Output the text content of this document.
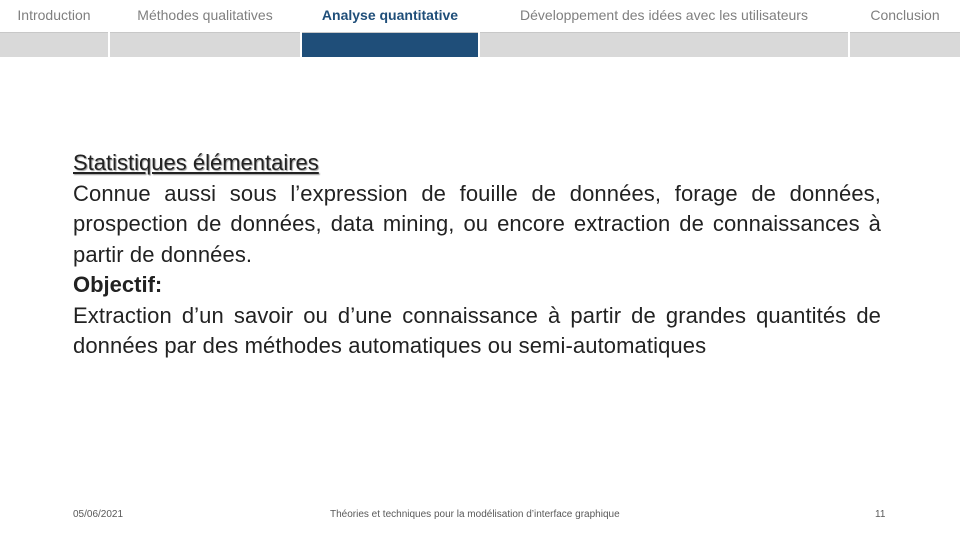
Introduction	Méthodes qualitatives	Analyse quantitative	Développement des idées avec les utilisateurs	Conclusion
Statistiques élémentaires

Connue aussi sous l’expression de fouille de données, forage de données, prospection de données, data mining, ou encore extraction de connaissances à partir de données.

Objectif:

Extraction d’un savoir ou d’une connaissance à partir de grandes quantités de données par des méthodes automatiques ou semi-automatiques

05/06/2021	Théories et techniques pour la modélisation d’interface graphique	11
